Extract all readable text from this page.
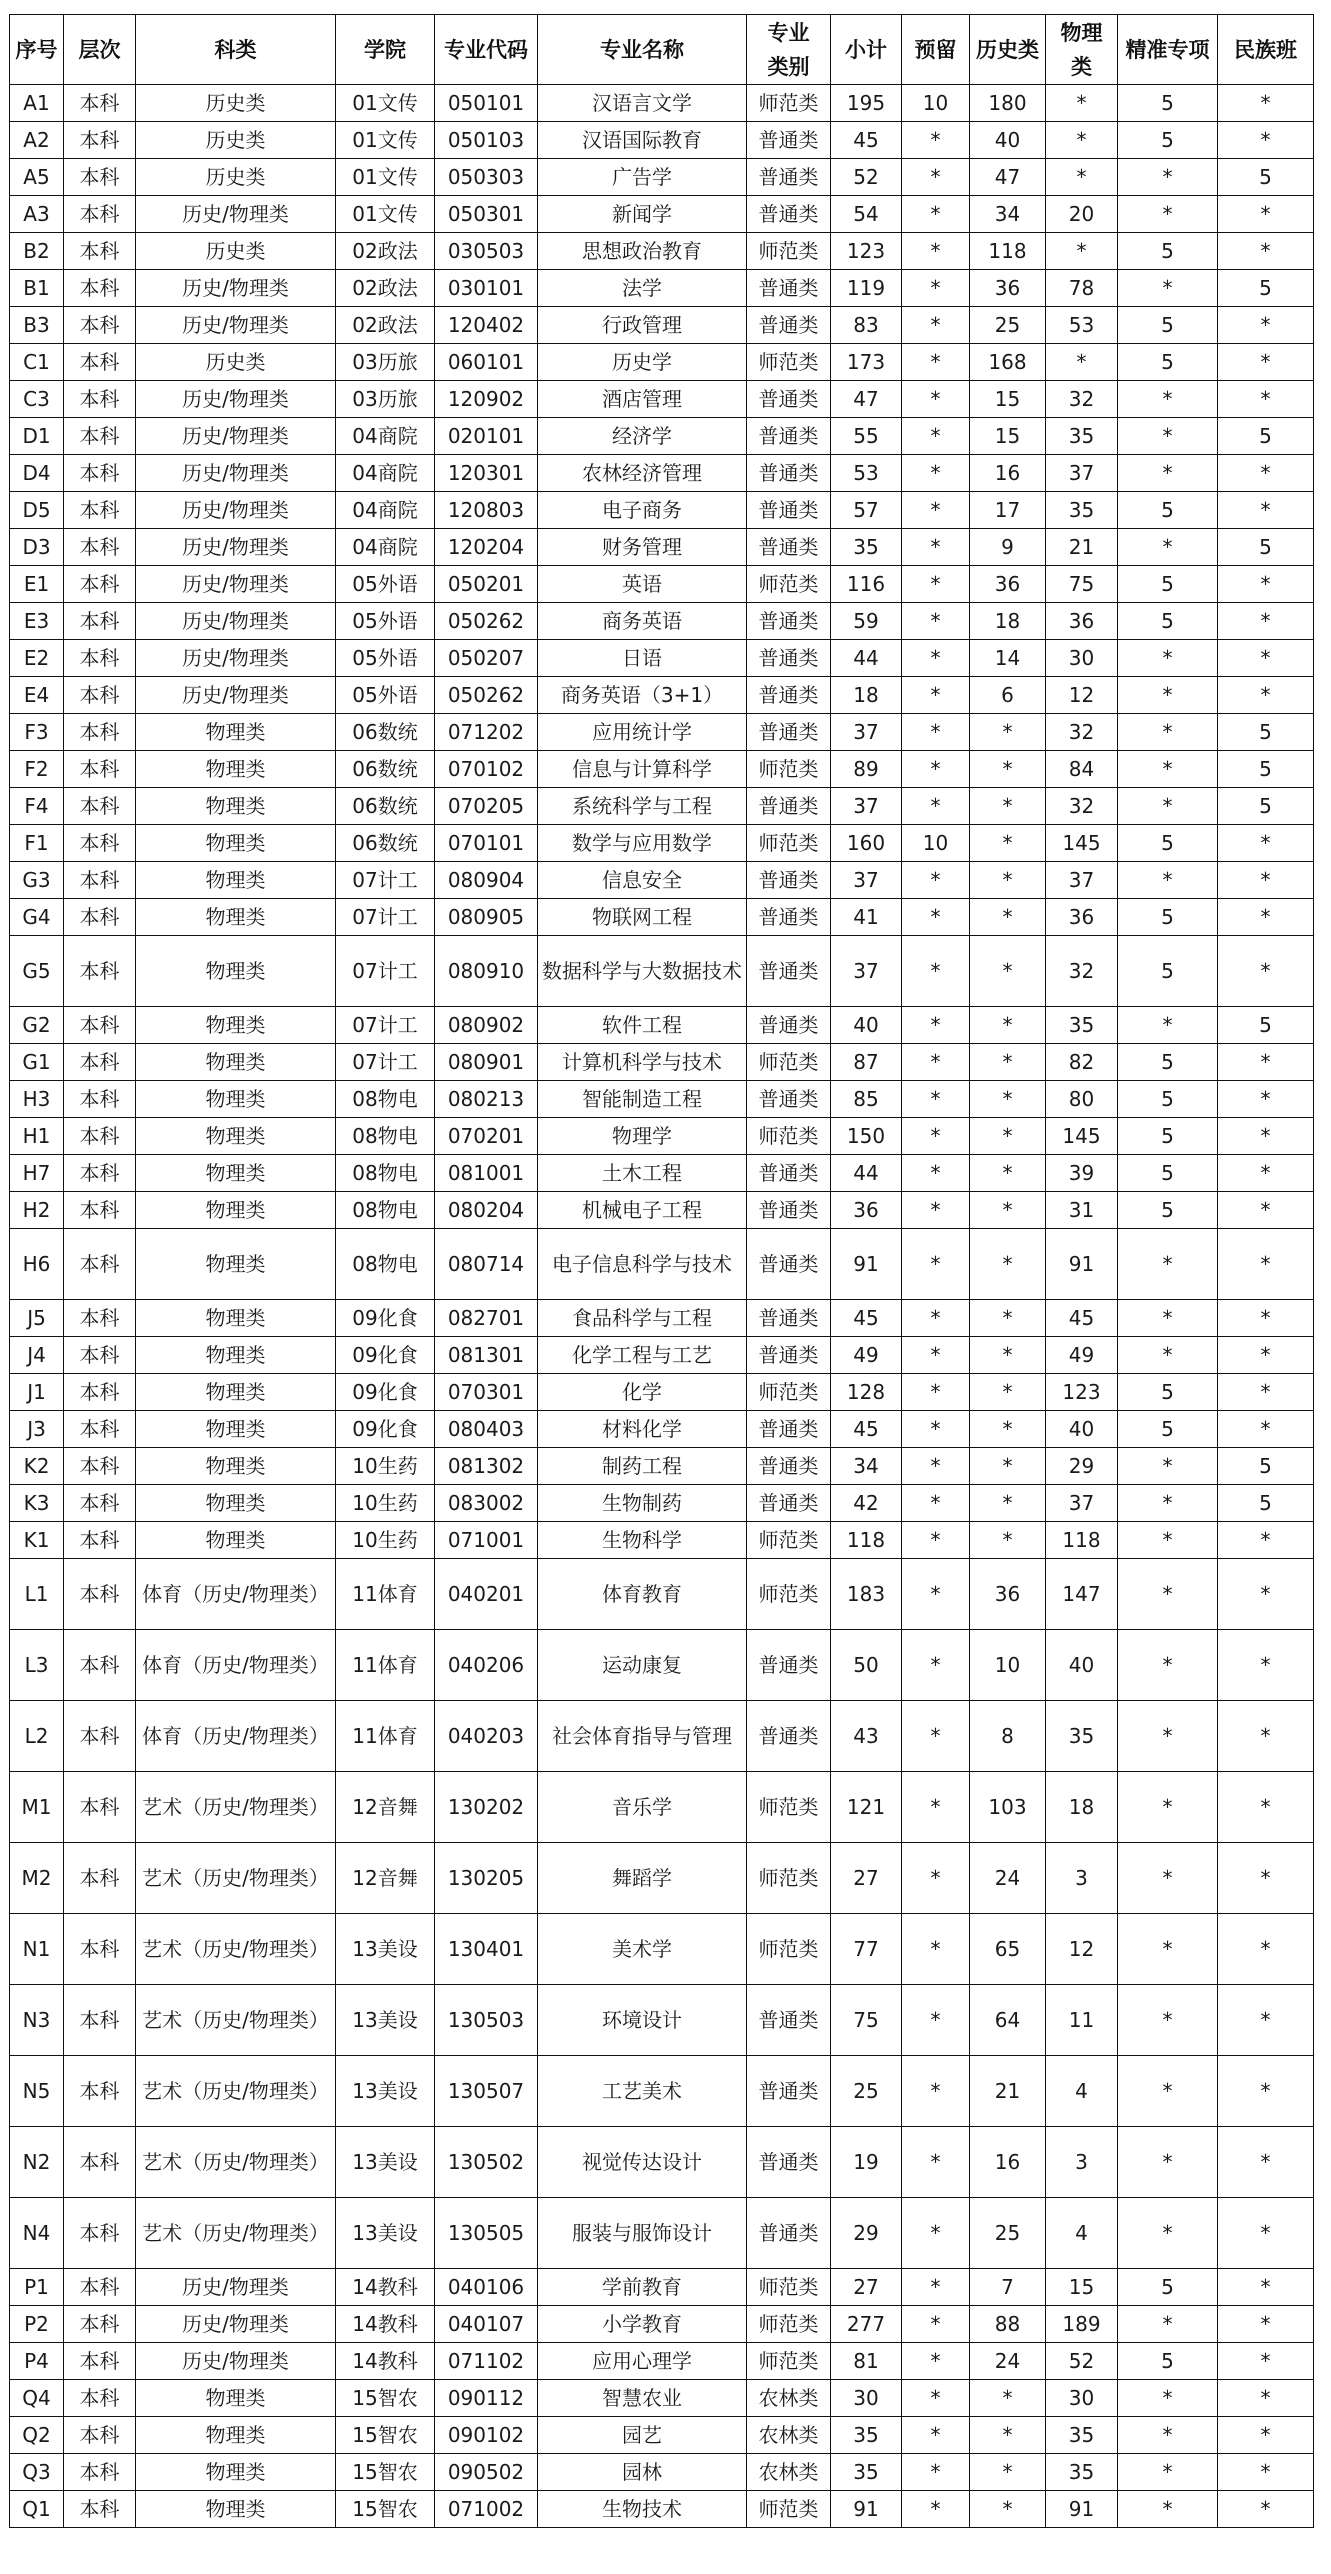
序号	层次	科类	学院	专业代码	专业名称	专业类别	小计	预留	历史类	物理类	精准专项	民族班
A1	本科	历史类	01文传	050101	汉语言文学	师范类	195	10	180	*	5	*
A2	本科	历史类	01文传	050103	汉语国际教育	普通类	45	*	40	*	5	*
A5	本科	历史类	01文传	050303	广告学	普通类	52	*	47	*	*	5
A3	本科	历史/物理类	01文传	050301	新闻学	普通类	54	*	34	20	*	*
B2	本科	历史类	02政法	030503	思想政治教育	师范类	123	*	118	*	5	*
B1	本科	历史/物理类	02政法	030101	法学	普通类	119	*	36	78	*	5
B3	本科	历史/物理类	02政法	120402	行政管理	普通类	83	*	25	53	5	*
C1	本科	历史类	03历旅	060101	历史学	师范类	173	*	168	*	5	*
C3	本科	历史/物理类	03历旅	120902	酒店管理	普通类	47	*	15	32	*	*
D1	本科	历史/物理类	04商院	020101	经济学	普通类	55	*	15	35	*	5
D4	本科	历史/物理类	04商院	120301	农林经济管理	普通类	53	*	16	37	*	*
D5	本科	历史/物理类	04商院	120803	电子商务	普通类	57	*	17	35	5	*
D3	本科	历史/物理类	04商院	120204	财务管理	普通类	35	*	9	21	*	5
E1	本科	历史/物理类	05外语	050201	英语	师范类	116	*	36	75	5	*
E3	本科	历史/物理类	05外语	050262	商务英语	普通类	59	*	18	36	5	*
E2	本科	历史/物理类	05外语	050207	日语	普通类	44	*	14	30	*	*
E4	本科	历史/物理类	05外语	050262	商务英语（3+1）	普通类	18	*	6	12	*	*
F3	本科	物理类	06数统	071202	应用统计学	普通类	37	*	*	32	*	5
F2	本科	物理类	06数统	070102	信息与计算科学	师范类	89	*	*	84	*	5
F4	本科	物理类	06数统	070205	系统科学与工程	普通类	37	*	*	32	*	5
F1	本科	物理类	06数统	070101	数学与应用数学	师范类	160	10	*	145	5	*
G3	本科	物理类	07计工	080904	信息安全	普通类	37	*	*	37	*	*
G4	本科	物理类	07计工	080905	物联网工程	普通类	41	*	*	36	5	*
G5	本科	物理类	07计工	080910	数据科学与大数据技术	普通类	37	*	*	32	5	*
G2	本科	物理类	07计工	080902	软件工程	普通类	40	*	*	35	*	5
G1	本科	物理类	07计工	080901	计算机科学与技术	师范类	87	*	*	82	5	*
H3	本科	物理类	08物电	080213	智能制造工程	普通类	85	*	*	80	5	*
H1	本科	物理类	08物电	070201	物理学	师范类	150	*	*	145	5	*
H7	本科	物理类	08物电	081001	土木工程	普通类	44	*	*	39	5	*
H2	本科	物理类	08物电	080204	机械电子工程	普通类	36	*	*	31	5	*
H6	本科	物理类	08物电	080714	电子信息科学与技术	普通类	91	*	*	91	*	*
J5	本科	物理类	09化食	082701	食品科学与工程	普通类	45	*	*	45	*	*
J4	本科	物理类	09化食	081301	化学工程与工艺	普通类	49	*	*	49	*	*
J1	本科	物理类	09化食	070301	化学	师范类	128	*	*	123	5	*
J3	本科	物理类	09化食	080403	材料化学	普通类	45	*	*	40	5	*
K2	本科	物理类	10生药	081302	制药工程	普通类	34	*	*	29	*	5
K3	本科	物理类	10生药	083002	生物制药	普通类	42	*	*	37	*	5
K1	本科	物理类	10生药	071001	生物科学	师范类	118	*	*	118	*	*
L1	本科	体育（历史/物理类）	11体育	040201	体育教育	师范类	183	*	36	147	*	*
L3	本科	体育（历史/物理类）	11体育	040206	运动康复	普通类	50	*	10	40	*	*
L2	本科	体育（历史/物理类）	11体育	040203	社会体育指导与管理	普通类	43	*	8	35	*	*
M1	本科	艺术（历史/物理类）	12音舞	130202	音乐学	师范类	121	*	103	18	*	*
M2	本科	艺术（历史/物理类）	12音舞	130205	舞蹈学	师范类	27	*	24	3	*	*
N1	本科	艺术（历史/物理类）	13美设	130401	美术学	师范类	77	*	65	12	*	*
N3	本科	艺术（历史/物理类）	13美设	130503	环境设计	普通类	75	*	64	11	*	*
N5	本科	艺术（历史/物理类）	13美设	130507	工艺美术	普通类	25	*	21	4	*	*
N2	本科	艺术（历史/物理类）	13美设	130502	视觉传达设计	普通类	19	*	16	3	*	*
N4	本科	艺术（历史/物理类）	13美设	130505	服装与服饰设计	普通类	29	*	25	4	*	*
P1	本科	历史/物理类	14教科	040106	学前教育	师范类	27	*	7	15	5	*
P2	本科	历史/物理类	14教科	040107	小学教育	师范类	277	*	88	189	*	*
P4	本科	历史/物理类	14教科	071102	应用心理学	师范类	81	*	24	52	5	*
Q4	本科	物理类	15智农	090112	智慧农业	农林类	30	*	*	30	*	*
Q2	本科	物理类	15智农	090102	园艺	农林类	35	*	*	35	*	*
Q3	本科	物理类	15智农	090502	园林	农林类	35	*	*	35	*	*
Q1	本科	物理类	15智农	071002	生物技术	师范类	91	*	*	91	*	*
